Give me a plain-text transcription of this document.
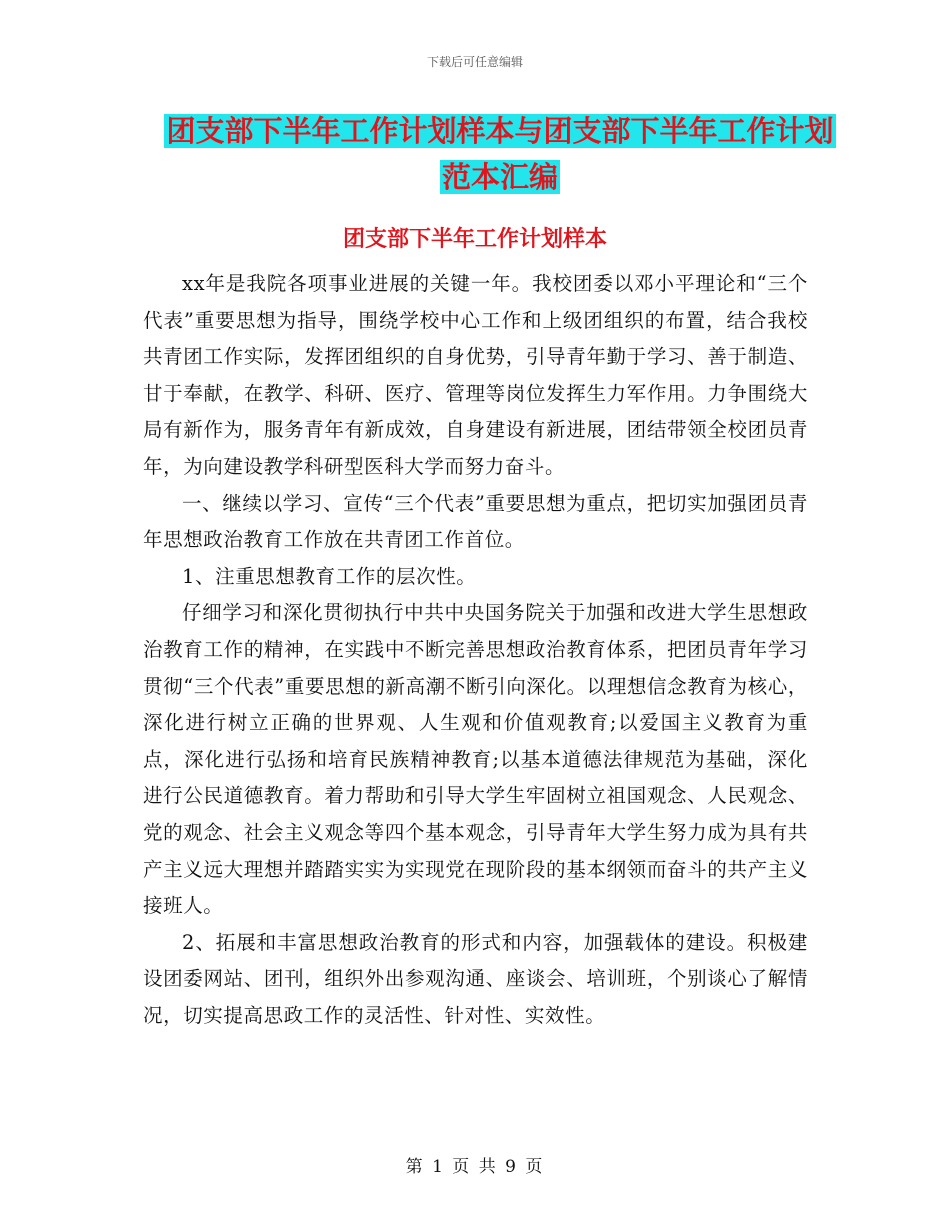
下载后可任意编辑
团支部下半年工作计划样本与团支部下半年工作计划
范本汇编
团支部下半年工作计划样本

xx年是我院各项事业进展的关键一年。我校团委以邓小平理论和“三个代表”重要思想为指导，围绕学校中心工作和上级团组织的布置，结合我校共青团工作实际，发挥团组织的自身优势，引导青年勤于学习、善于制造、甘于奉献，在教学、科研、医疗、管理等岗位发挥生力军作用。力争围绕大局有新作为，服务青年有新成效，自身建设有新进展，团结带领全校团员青年，为向建设教学科研型医科大学而努力奋斗。

一、继续以学习、宣传“三个代表”重要思想为重点，把切实加强团员青年思想政治教育工作放在共青团工作首位。

1、注重思想教育工作的层次性。

仔细学习和深化贯彻执行中共中央国务院关于加强和改进大学生思想政治教育工作的精神，在实践中不断完善思想政治教育体系，把团员青年学习贯彻“三个代表”重要思想的新高潮不断引向深化。以理想信念教育为核心，深化进行树立正确的世界观、人生观和价值观教育;以爱国主义教育为重点，深化进行弘扬和培育民族精神教育;以基本道德法律规范为基础，深化进行公民道德教育。着力帮助和引导大学生牢固树立祖国观念、人民观念、党的观念、社会主义观念等四个基本观念，引导青年大学生努力成为具有共产主义远大理想并踏踏实实为实现党在现阶段的基本纲领而奋斗的共产主义接班人。

2、拓展和丰富思想政治教育的形式和内容，加强载体的建设。积极建设团委网站、团刊，组织外出参观沟通、座谈会、培训班，个别谈心了解情况，切实提高思政工作的灵活性、针对性、实效性。

第 1 页 共 9 页
